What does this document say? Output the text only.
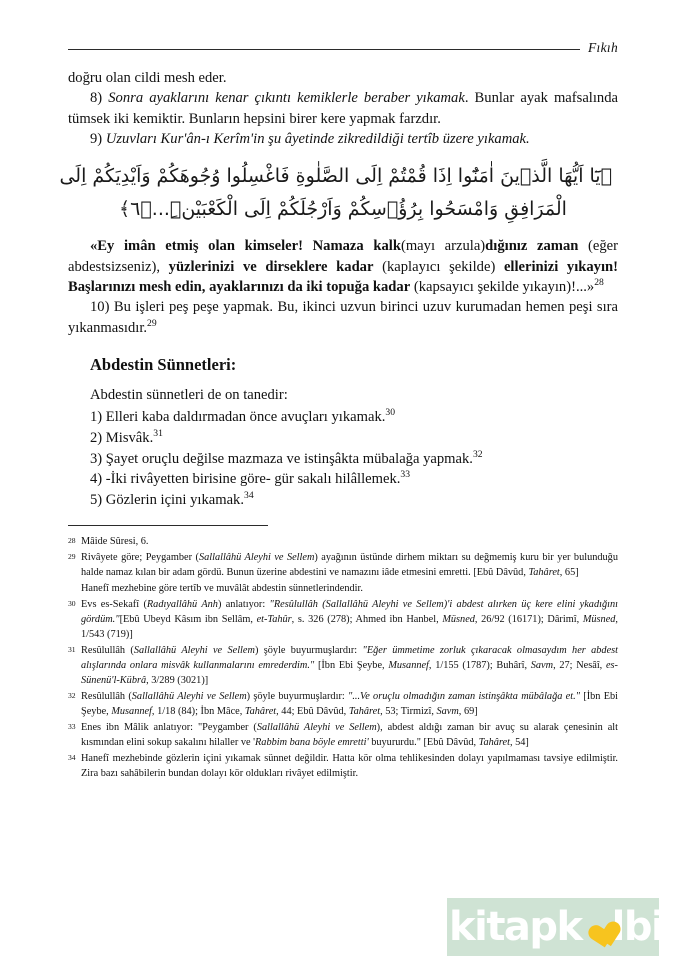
Fıkıh

doğru olan cildi mesh eder.

8) Sonra ayaklarını kenar çıkıntı kemiklerle beraber yıkamak. Bunlar ayak mafsalında tümsek iki kemiktir. Bunların hepsini birer kere yapmak farzdır.

9) Uzuvları Kur'ân-ı Kerîm'in şu âyetinde zikredildiği tertîb üzere yıkamak.

﴿يَٓا اَيُّهَا الَّذ۪ينَ اٰمَنُٓوا اِذَا قُمْتُمْ اِلَى الصَّلٰوةِ فَاغْسِلُوا وُجُوهَكُمْ وَاَيْدِيَكُمْ اِلَى
الْمَرَافِقِ وَامْسَحُوا بِرُؤُ۫سِكُمْ وَاَرْجُلَكُمْ اِلَى الْكَعْبَيْنِۜ...﴿٦﴾

«Ey imân etmiş olan kimseler! Namaza kalk(mayı arzula)dığınız zaman (eğer abdestsizseniz), yüzlerinizi ve dirseklere kadar (kaplayıcı şekilde) ellerinizi yıkayın! Başlarınızı mesh edin, ayaklarınızı da iki topuğa kadar (kapsayıcı şekilde yıkayın)!...»$^{28}$

10) Bu işleri peş peşe yapmak. Bu, ikinci uzvun birinci uzuv kurumadan hemen peşi sıra yıkanmasıdır.$^{29}$

Abdestin Sünnetleri:
Abdestin sünnetleri de on tanedir:
1) Elleri kaba daldırmadan önce avuçları yıkamak.$^{30}$
2) Misvâk.$^{31}$
3) Şayet oruçlu değilse mazmaza ve istinşâkta mübalağa yapmak.$^{32}$
4) -İki rivâyetten birisine göre- gür sakalı hilâllemek.$^{33}$
5) Gözlerin içini yıkamak.$^{34}$
28 Mâide Sûresi, 6.
29 Rivâyete göre; Peygamber (Sallallâhü Aleyhi ve Sellem) ayağının üstünde dirhem miktarı su değmemiş kuru bir yer bulunduğu halde namaz kılan bir adam gördü. Bunun üzerine abdestini ve namazını iâde etmesini emretti. [Ebû Dâvûd, Tahâret, 65]
Hanefî mezhebine göre tertîb ve muvâlât abdestin sünnetlerindendir.
30 Evs es-Sekafî (Radıyallâhü Anh) anlatıyor: "Resûlullâh (Sallallâhü Aleyhi ve Sellem)'i abdest alırken üç kere elini ykadığını gördüm."[Ebû Ubeyd Kâsım ibn Sellâm, et-Tahûr, s. 326 (278); Ahmed ibn Hanbel, Müsned, 26/92 (16171); Dârimî, Müsned, 1/543 (719)]
31 Resûlullâh (Sallallâhü Aleyhi ve Sellem) şöyle buyurmuşlardır: "Eğer ümmetime zorluk çıkaracak olmasaydım her abdest alışlarında onlara misvâk kullanmalarını emrederdim." [İbn Ebi Şeybe, Musannef, 1/155 (1787); Buhârî, Savm, 27; Nesâî, es-Sünenü'l-Kübrâ, 3/289 (3021)]
32 Resûlullâh (Sallallâhü Aleyhi ve Sellem) şöyle buyurmuşlardır: "...Ve oruçlu olmadığın zaman istinşâkta mübâlağa et." [İbn Ebi Şeybe, Musannef, 1/18 (84); İbn Mâce, Tahâret, 44; Ebû Dâvûd, Tahâret, 53; Tirmizî, Savm, 69]
33 Enes ibn Mâlik anlatıyor: "Peygamber (Sallallâhü Aleyhi ve Sellem), abdest aldığı zaman bir avuç su alarak çenesinin alt kısmından elini sokup sakalını hilaller ve 'Rabbim bana böyle emretti' buyururdu." [Ebû Dâvûd, Tahâret, 54]
34 Hanefî mezhebinde gözlerin içini yıkamak sünnet değildir. Hatta kör olma tehlikesinden dolayı yapılmaması tavsiye edilmiştir. Zira bazı sahâbilerin bundan dolayı kör oldukları rivâyet edilmiştir.
kitapk lbi .com
